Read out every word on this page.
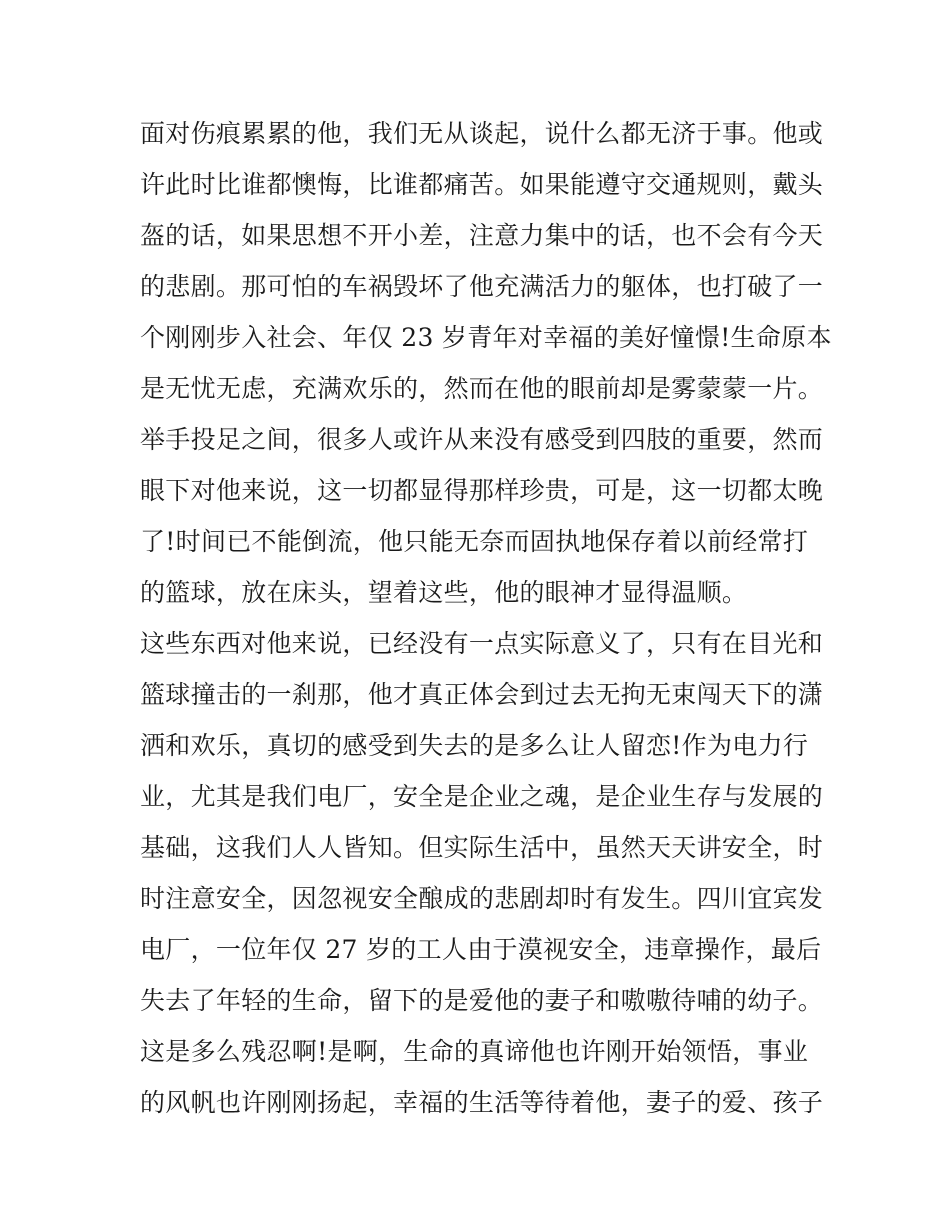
面对伤痕累累的他，我们无从谈起，说什么都无济于事。他或
许此时比谁都懊悔，比谁都痛苦。如果能遵守交通规则，戴头
盔的话，如果思想不开小差，注意力集中的话，也不会有今天
的悲剧。那可怕的车祸毁坏了他充满活力的躯体，也打破了一
个刚刚步入社会、年仅 23 岁青年对幸福的美好憧憬!生命原本
是无忧无虑，充满欢乐的，然而在他的眼前却是雾蒙蒙一片。
举手投足之间，很多人或许从来没有感受到四肢的重要，然而
眼下对他来说，这一切都显得那样珍贵，可是，这一切都太晚
了!时间已不能倒流，他只能无奈而固执地保存着以前经常打
的篮球，放在床头，望着这些，他的眼神才显得温顺。
这些东西对他来说，已经没有一点实际意义了，只有在目光和
篮球撞击的一刹那，他才真正体会到过去无拘无束闯天下的潇
洒和欢乐，真切的感受到失去的是多么让人留恋!作为电力行
业，尤其是我们电厂，安全是企业之魂，是企业生存与发展的
基础，这我们人人皆知。但实际生活中，虽然天天讲安全，时
时注意安全，因忽视安全酿成的悲剧却时有发生。四川宜宾发
电厂，一位年仅 27 岁的工人由于漠视安全，违章操作，最后
失去了年轻的生命，留下的是爱他的妻子和嗷嗷待哺的幼子。
这是多么残忍啊!是啊，生命的真谛他也许刚开始领悟，事业
的风帆也许刚刚扬起，幸福的生活等待着他，妻子的爱、孩子
